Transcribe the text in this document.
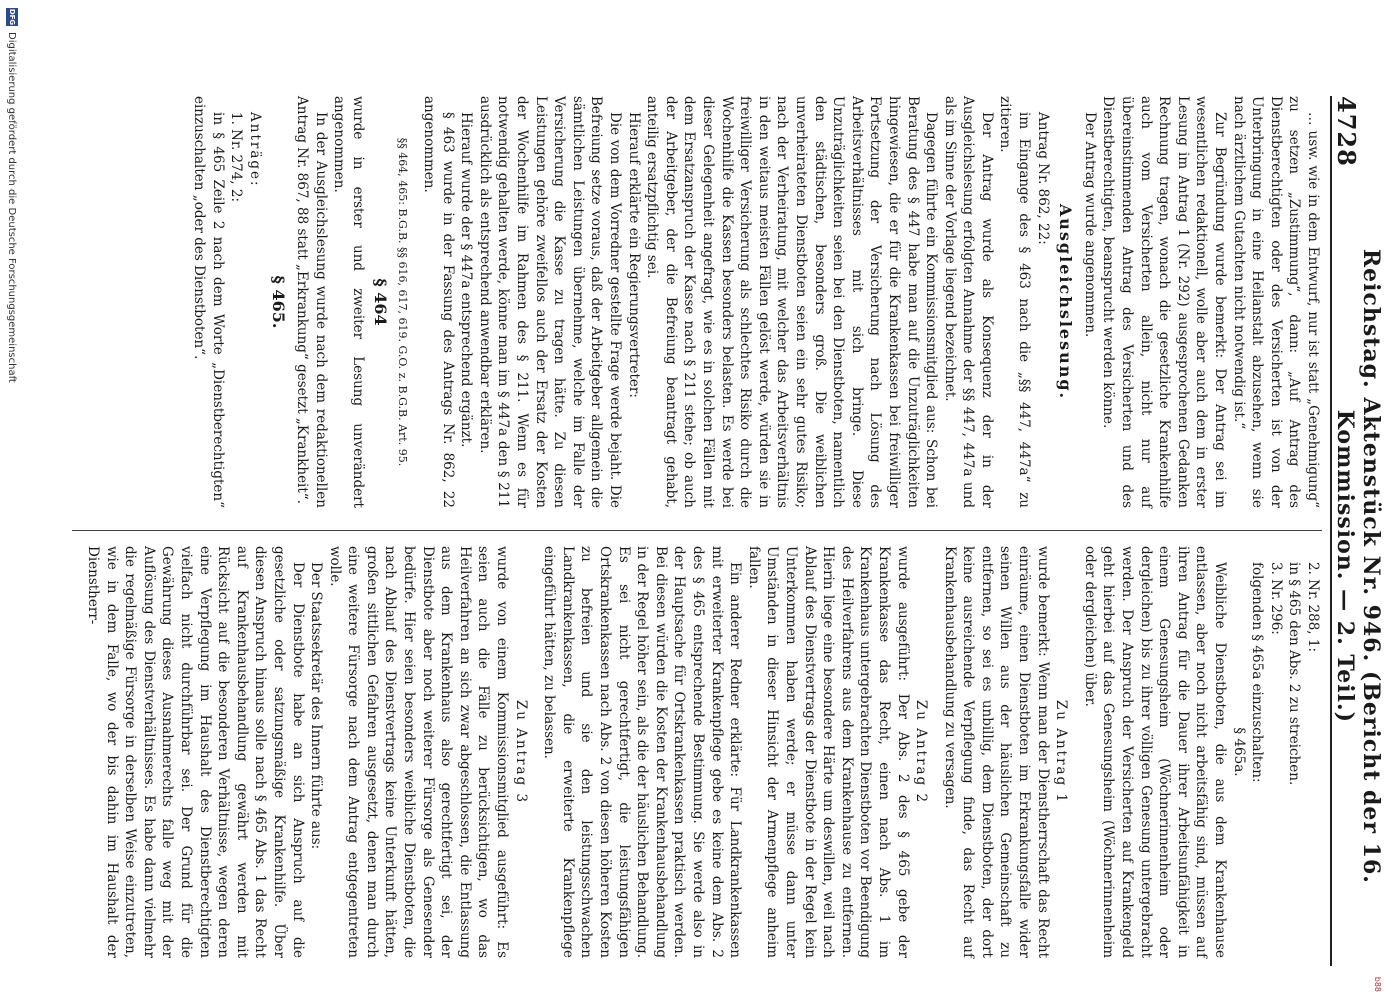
b88
4728
Reichstag. Aktenstück Nr. 946. (Bericht der 16. Kommission. — 2. Teil.)

… usw. wie in dem Entwurf, nur ist statt „Genehmigung“ zu setzen „Zustimmung“, dann: „Auf Antrag des Dienstberechtigten oder des Versicherten ist von der Unterbringung in eine Heilanstalt abzusehen, wenn sie nach ärztlichem Gutachten nicht notwendig ist.“

Zur Begründung wurde bemerkt: Der Antrag sei im wesentlichen redaktionell, wolle aber auch dem in erster Lesung im Antrag 1 (Nr. 292) ausgesprochenen Gedanken Rechnung tragen, wonach die gesetzliche Krankenhilfe auch vom Versicherten allein, nicht nur auf übereinstimmenden Antrag des Versicherten und des Dienstberechtigten, beansprucht werden könne.

Der Antrag wurde angenommen.

Ausgleichslesung.

Antrag Nr. 862, 22:

im Eingange des § 463 nach die „§§ 447, 447a“ zu zitieren.

Der Antrag wurde als Konsequenz der in der Ausgleichslesung erfolgten Annahme der §§ 447, 447a und als im Sinne der Vorlage liegend bezeichnet.

Dagegen führte ein Kommissionsmitglied aus: Schon bei Beratung des § 447 habe man auf die Unzuträglichkeiten hingewiesen, die er für die Krankenkassen bei freiwilliger Fortsetzung der Versicherung nach Lösung des Arbeitsverhältnisses mit sich bringe. Diese Unzuträglichkeiten seien bei den Dienstboten, namentlich den städtischen, besonders groß. Die weiblichen unverheirateten Dienstboten seien ein sehr gutes Risiko; nach der Verheiratung, mit welcher das Arbeitsverhältnis in den weitaus meisten Fällen gelöst werde, würden sie in freiwilliger Versicherung als schlechtes Risiko durch die Wochenhilfe die Kassen besonders belasten. Es werde bei dieser Gelegenheit angefragt, wie es in solchen Fällen mit dem Ersatzanspruch der Kasse nach § 211 stehe; ob auch der Arbeitgeber, der die Befreiung beantragt gehabt, anteilig ersatzpflichtig sei.

Hierauf erklärte ein Regierungsvertreter:

Die von dem Vorredner gestellte Frage werde bejaht. Die Befreiung setze voraus, daß der Arbeitgeber allgemein die sämtlichen Leistungen übernehme, welche im Falle der Versicherung die Kasse zu tragen hätte. Zu diesen Leistungen gehöre zweifellos auch der Ersatz der Kosten der Wochenhilfe im Rahmen des § 211. Wenn es für notwendig gehalten werde, könne man im § 447a den § 211 ausdrücklich als entsprechend anwendbar erklären.

Hierauf wurde der § 447a entsprechend ergänzt.

§ 463 wurde in der Fassung des Antrags Nr. 862, 22 angenommen.

§§ 464, 465: B.G.B. §§ 616, 617, 619. G.O. z. B.G.B. Art. 95.
§ 464

wurde in erster und zweiter Lesung unverändert angenommen.

In der Ausgleichslesung wurde nach dem redaktionellen Antrag Nr. 867, 88 statt „Erkrankung“ gesetzt „Krankheit“.

§ 465.

Anträge:

1. Nr. 274, 2:

in § 465 Zeile 2 nach dem Worte „Dienstberechtigten“ einzuschalten „oder des Dienstboten“.

2. Nr. 288, 1:

in § 465 den Abs. 2 zu streichen.

3. Nr. 296:

folgenden § 465a einzuschalten:

§ 465a.

Weibliche Dienstboten, die aus dem Krankenhause entlassen, aber noch nicht arbeitsfähig sind, müssen auf ihren Antrag für die Dauer ihrer Arbeitsunfähigkeit in einem Genesungsheim (Wöchnerinnenheim oder dergleichen) bis zu ihrer völligen Genesung untergebracht werden. Der Anspruch der Versicherten auf Krankengeld geht hierbei auf das Genesungsheim (Wöchnerinnenheim oder dergleichen) über.

Zu Antrag 1

wurde bemerkt: Wenn man der Dienstherrschaft das Recht einräume, einen Dienstboten im Erkrankungsfalle wider seinen Willen aus der häuslichen Gemeinschaft zu entfernen, so sei es unbillig, dem Dienstboten, der dort keine ausreichende Verpflegung finde, das Recht auf Krankenhausbehandlung zu versagen.

Zu Antrag 2

wurde ausgeführt: Der Abs. 2 des § 465 gebe der Krankenkasse das Recht, einen nach Abs. 1 im Krankenhaus untergebrachten Dienstboten vor Beendigung des Heilverfahrens aus dem Krankenhause zu entfernen. Hierin liege eine besondere Härte um deswillen, weil nach Ablauf des Dienstvertrags der Dienstbote in der Regel kein Unterkommen haben werde; er müsse dann unter Umständen in dieser Hinsicht der Armenpflege anheim fallen.

Ein anderer Redner erklärte: Für Landkrankenkassen mit erweiterter Krankenpflege gebe es keine dem Abs. 2 des § 465 entsprechende Bestimmung. Sie werde also in der Hauptsache für Ortskrankenkassen praktisch werden. Bei diesen würden die Kosten der Krankenhausbehandlung in der Regel höher sein, als die der häuslichen Behandlung. Es sei nicht gerechtfertigt, die leistungsfähigen Ortskrankenkassen nach Abs. 2 von diesen höheren Kosten zu befreien und sie den leistungsschwachen Landkrankenkassen, die erweiterte Krankenpflege eingeführt hätten, zu belassen.

Zu Antrag 3

wurde von einem Kommissionsmitglied ausgeführt: Es seien auch die Fälle zu berücksichtigen, wo das Heilverfahren an sich zwar abgeschlossen, die Entlassung aus dem Krankenhaus also gerechtfertigt sei, der Dienstbote aber noch weiterer Fürsorge als Genesender bedürfe. Hier seien besonders weibliche Dienstboten, die nach Ablauf des Dienstvertrags keine Unterkunft hätten, großen sittlichen Gefahren ausgesetzt, denen man durch eine weitere Fürsorge nach dem Antrag entgegentreten wolle.

Der Staatssekretär des Innern führte aus:

Der Dienstbote habe an sich Anspruch auf die gesetzliche oder satzungsmäßige Krankenhilfe. Über diesen Anspruch hinaus solle nach § 465 Abs. 1 das Recht auf Krankenhausbehandlung gewährt werden mit Rücksicht auf die besonderen Verhältnisse, wegen deren eine Verpflegung im Haushalt des Dienstberechtigten vielfach nicht durchführbar sei. Der Grund für die Gewährung dieses Ausnahmerechts falle weg mit der Auflösung des Dienstverhältnisses. Es habe dann vielmehr die regelmäßige Fürsorge in derselben Weise einzutreten, wie in dem Falle, wo der bis dahin im Haushalt der Dienstherr-

DFG
Digitalisierung gefördert durch die Deutsche Forschungsgemeinschaft
